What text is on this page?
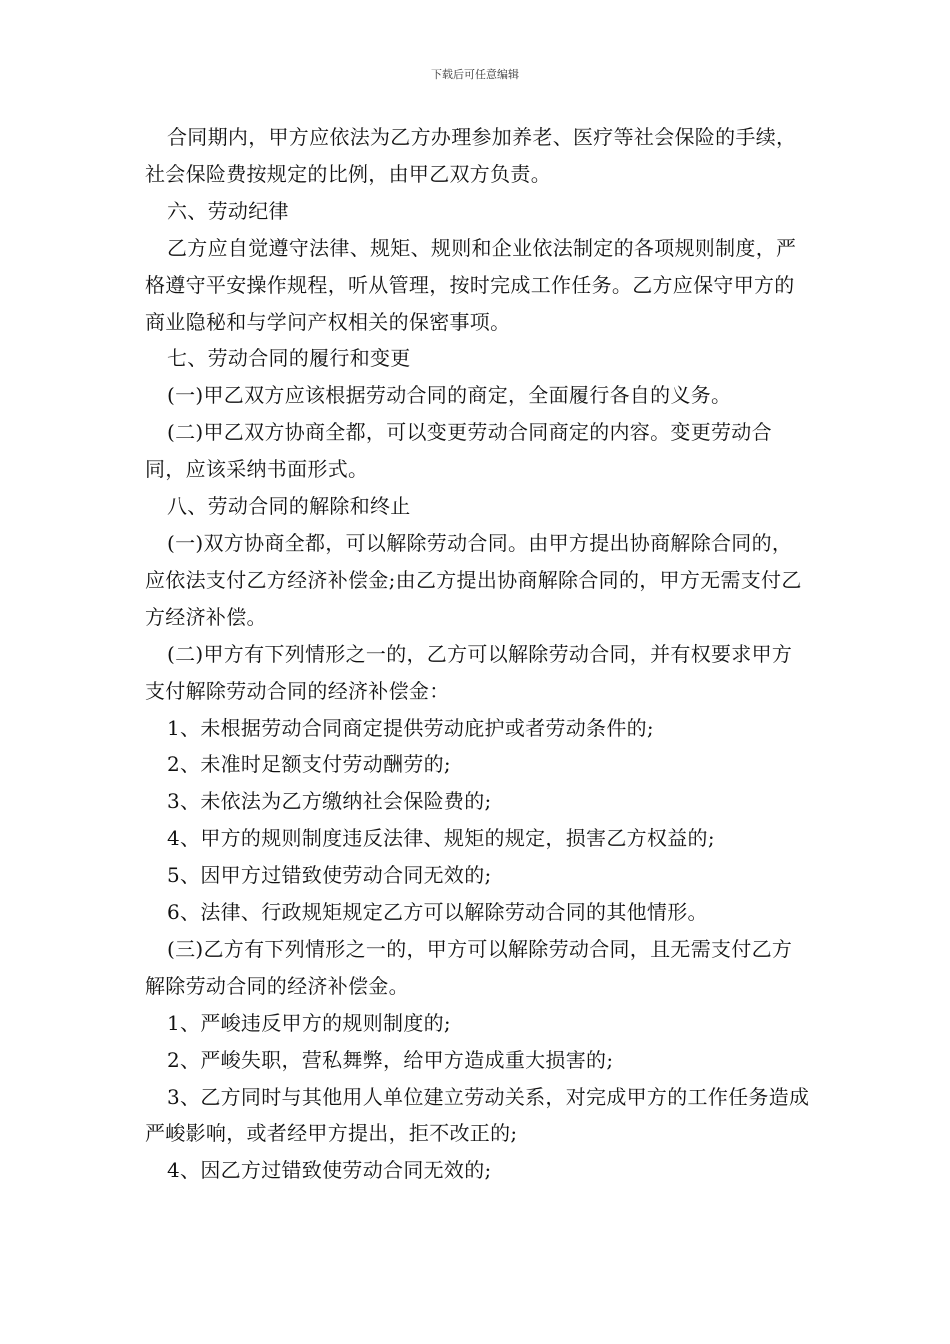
下载后可任意编辑

合同期内，甲方应依法为乙方办理参加养老、医疗等社会保险的手续，社会保险费按规定的比例，由甲乙双方负责。

六、劳动纪律

乙方应自觉遵守法律、规矩、规则和企业依法制定的各项规则制度，严格遵守平安操作规程，听从管理，按时完成工作任务。乙方应保守甲方的商业隐秘和与学问产权相关的保密事项。

七、劳动合同的履行和变更

(一)甲乙双方应该根据劳动合同的商定，全面履行各自的义务。

(二)甲乙双方协商全都，可以变更劳动合同商定的内容。变更劳动合同，应该采纳书面形式。

八、劳动合同的解除和终止

(一)双方协商全都，可以解除劳动合同。由甲方提出协商解除合同的，应依法支付乙方经济补偿金;由乙方提出协商解除合同的，甲方无需支付乙方经济补偿。

(二)甲方有下列情形之一的，乙方可以解除劳动合同，并有权要求甲方支付解除劳动合同的经济补偿金：

1、未根据劳动合同商定提供劳动庇护或者劳动条件的;

2、未准时足额支付劳动酬劳的;

3、未依法为乙方缴纳社会保险费的;

4、甲方的规则制度违反法律、规矩的规定，损害乙方权益的;

5、因甲方过错致使劳动合同无效的;

6、法律、行政规矩规定乙方可以解除劳动合同的其他情形。

(三)乙方有下列情形之一的，甲方可以解除劳动合同，且无需支付乙方解除劳动合同的经济补偿金。

1、严峻违反甲方的规则制度的;

2、严峻失职，营私舞弊，给甲方造成重大损害的;

3、乙方同时与其他用人单位建立劳动关系，对完成甲方的工作任务造成严峻影响，或者经甲方提出，拒不改正的;

4、因乙方过错致使劳动合同无效的;
